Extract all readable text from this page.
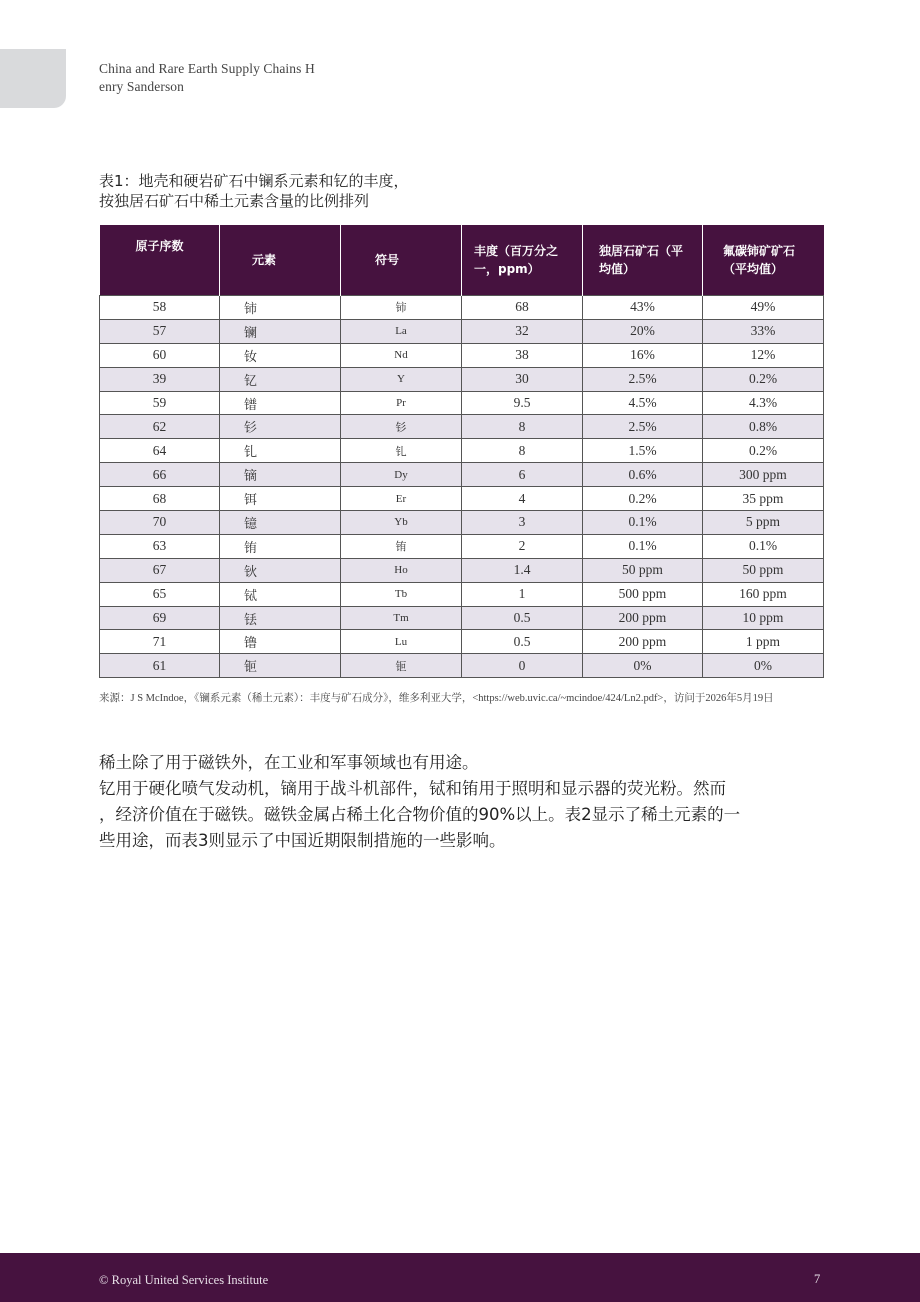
China and Rare Earth Supply Chains H
enry Sanderson
表1：地壳和硬岩矿石中镧系元素和钇的丰度，
按独居石矿石中稀土元素含量的比例排列
原子序数	元素	符号	丰度（百万分之一，ppm）	独居石矿石（平均值）	氟碳铈矿矿石（平均值）
58	铈	铈	68	43%	49%
57	镧	La	32	20%	33%
60	钕	Nd	38	16%	12%
39	钇	Y	30	2.5%	0.2%
59	镨	Pr	9.5	4.5%	4.3%
62	钐	钐	8	2.5%	0.8%
64	钆	钆	8	1.5%	0.2%
66	镝	Dy	6	0.6%	300 ppm
68	铒	Er	4	0.2%	35 ppm
70	镱	Yb	3	0.1%	5 ppm
63	铕	铕	2	0.1%	0.1%
67	钬	Ho	1.4	50 ppm	50 ppm
65	铽	Tb	1	500 ppm	160 ppm
69	铥	Tm	0.5	200 ppm	10 ppm
71	镥	Lu	0.5	200 ppm	1 ppm
61	钷	钷	0	0%	0%
来源：J S McIndoe，《镧系元素（稀土元素）：丰度与矿石成分》，维多利亚大学，<https://web.uvic.ca/~mcindoe/424/Ln2.pdf>，访问于2026年5月19日
稀土除了用于磁铁外，在工业和军事领域也有用途。
钇用于硬化喷气发动机，镝用于战斗机部件，铽和铕用于照明和显示器的荧光粉。然而
，经济价值在于磁铁。磁铁金属占稀土化合物价值的90%以上。表2显示了稀土元素的一
些用途，而表3则显示了中国近期限制措施的一些影响。
© Royal United Services Institute	7
